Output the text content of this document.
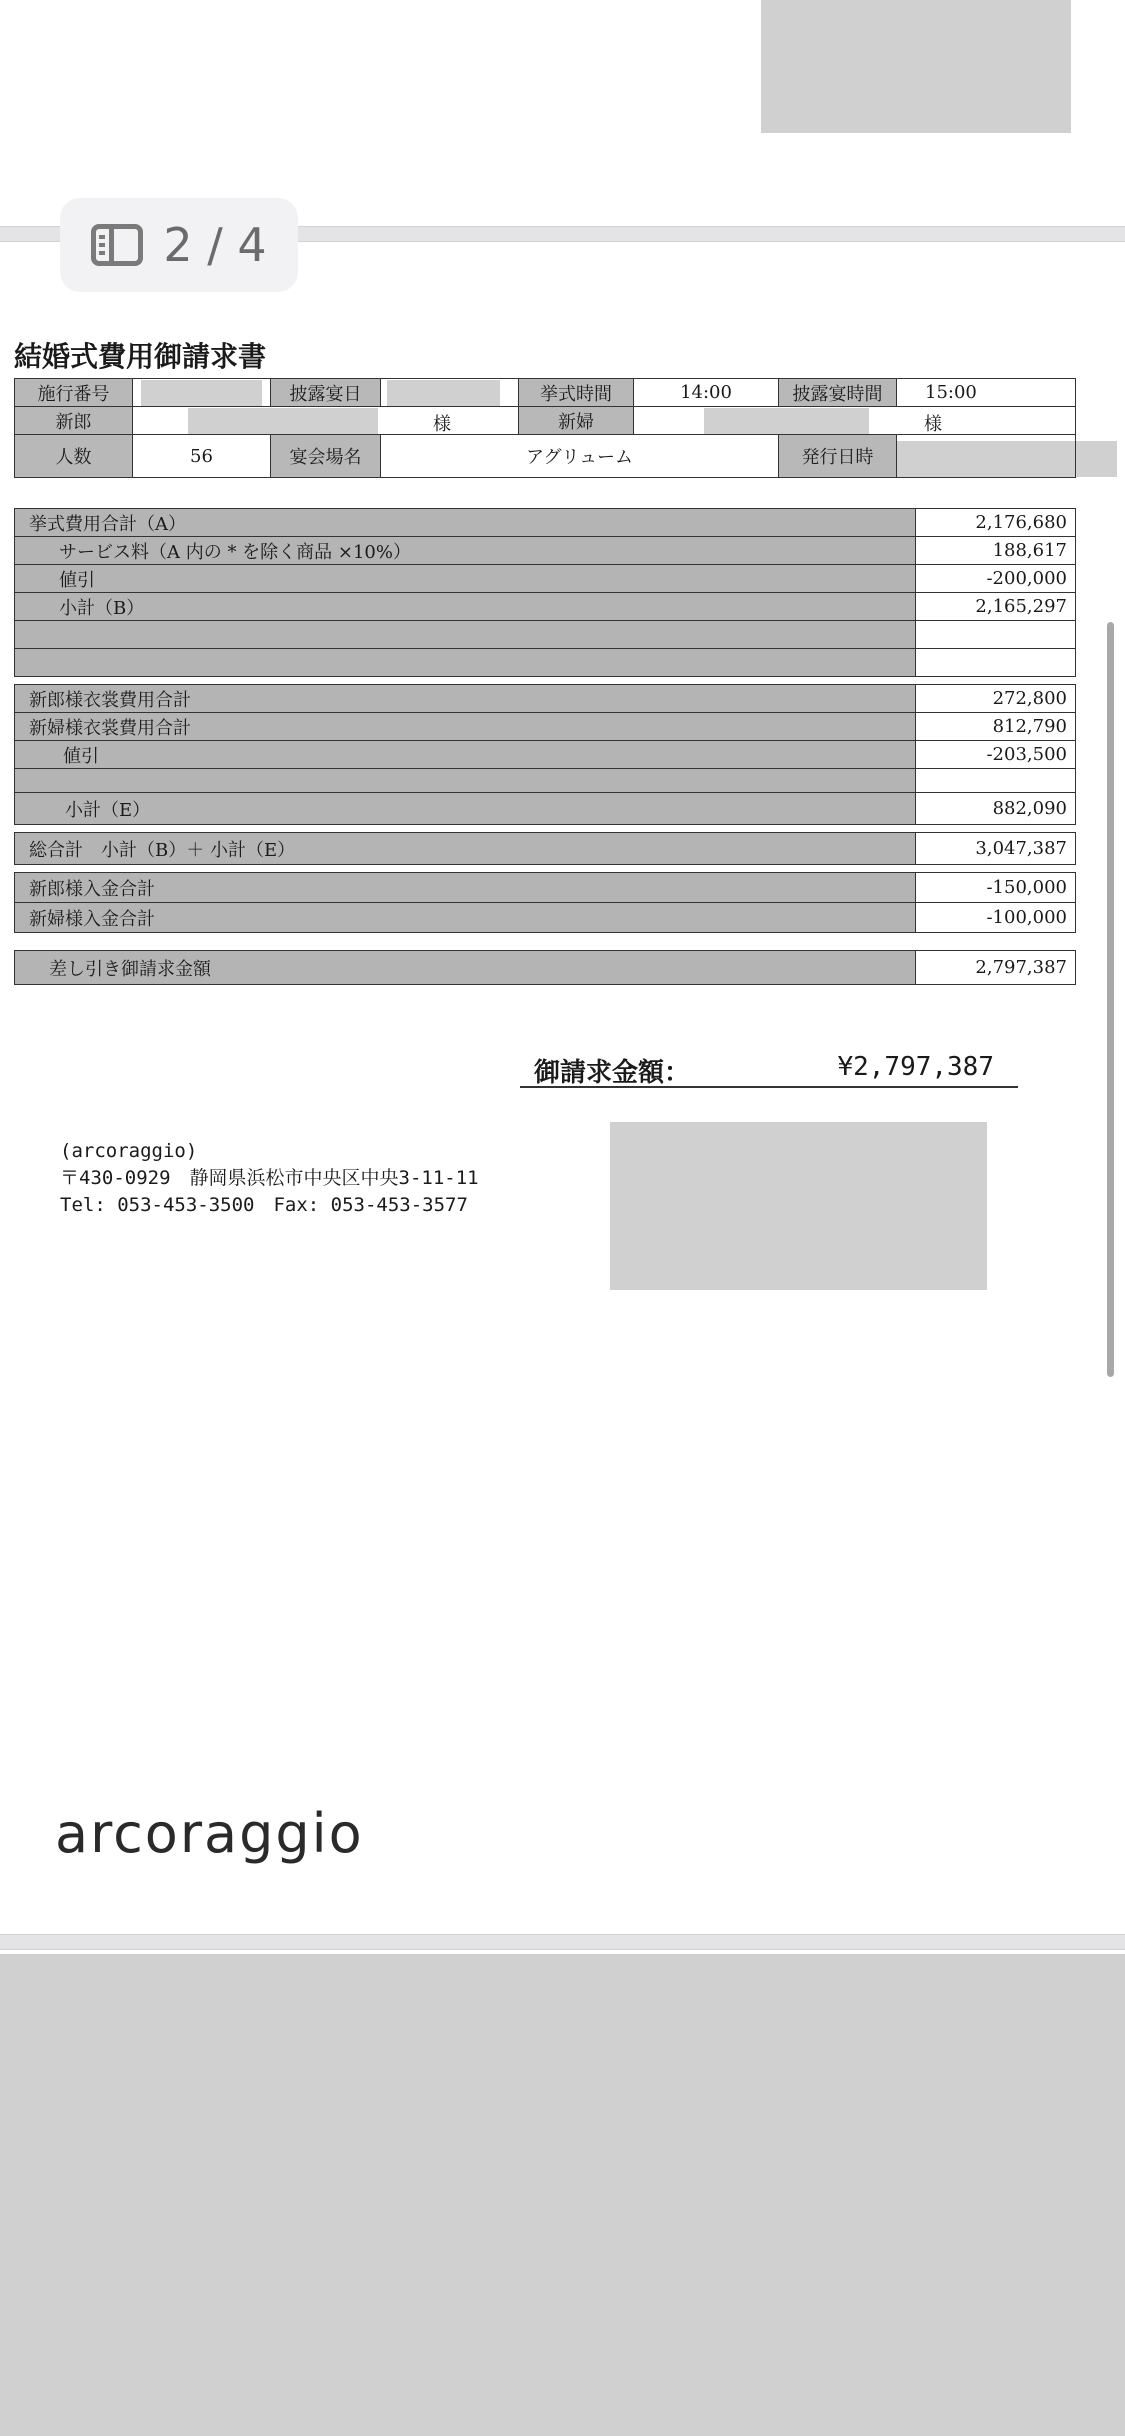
2 / 4
結婚式費用御請求書
施行番号		披露宴日		挙式時間	14:00	披露宴時間	15:00
新郎	様			新婦	様		

人数	56	宴会場名	アグリューム			発行日時	
挙式費用合計（A）	2,176,680
サービス料（A 内の * を除く商品 ×10%）	188,617
値引	-200,000
小計（B）	2,165,297

新郎様衣裳費用合計	272,800
新婦様衣裳費用合計	812,790
値引	-203,500

小計（E）	882,090

総合計　小計（B）＋ 小計（E）	3,047,387

新郎様入金合計	-150,000
新婦様入金合計	-100,000

差し引き御請求金額	2,797,387
御請求金額：	¥2,797,387
(arcoraggio)
〒430-0929　静岡県浜松市中央区中央3-11-11
Tel: 053-453-3500　Fax: 053-453-3577
arcoraggio
